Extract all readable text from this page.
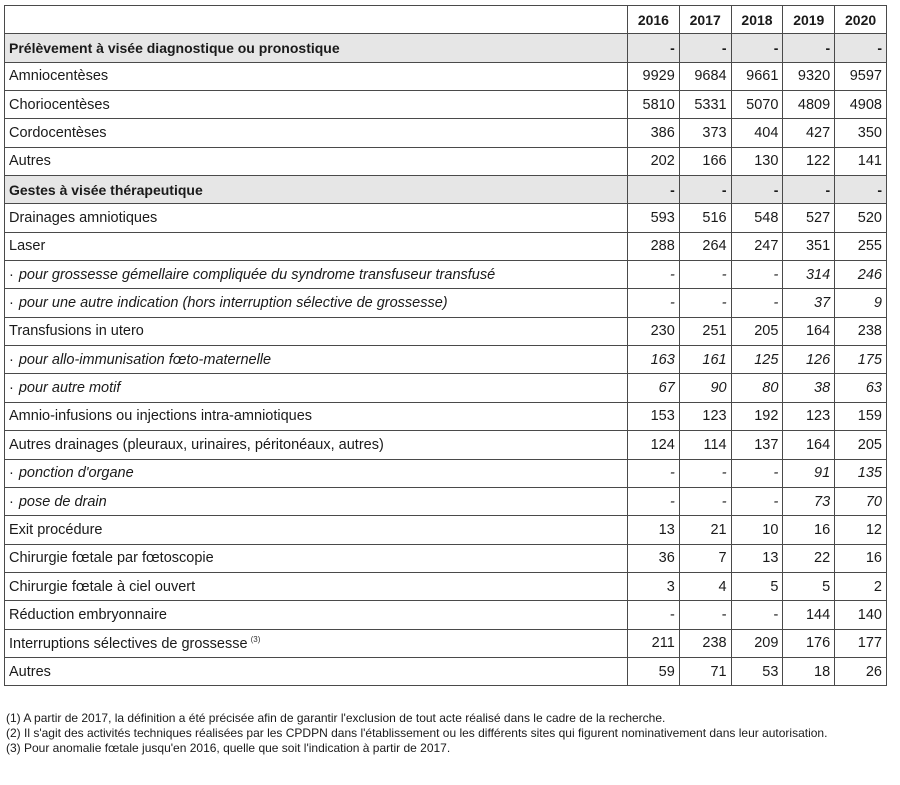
	2016	2017	2018	2019	2020
Prélèvement à visée diagnostique ou pronostique	-	-	-	-	-
Amniocentèses	9929	9684	9661	9320	9597
Choriocentèses	5810	5331	5070	4809	4908
Cordocentèses	386	373	404	427	350
Autres	202	166	130	122	141
Gestes à visée thérapeutique	-	-	-	-	-
Drainages amniotiques	593	516	548	527	520
Laser	288	264	247	351	255
· pour grossesse gémellaire compliquée du syndrome transfuseur transfusé	-	-	-	314	246
· pour une autre indication (hors interruption sélective de grossesse)	-	-	-	37	9
Transfusions in utero	230	251	205	164	238
· pour allo-immunisation fœto-maternelle	163	161	125	126	175
· pour autre motif	67	90	80	38	63
Amnio-infusions ou injections intra-amniotiques	153	123	192	123	159
Autres drainages (pleuraux, urinaires, péritonéaux, autres)	124	114	137	164	205
· ponction d'organe	-	-	-	91	135
· pose de drain	-	-	-	73	70
Exit procédure	13	21	10	16	12
Chirurgie fœtale par fœtoscopie	36	7	13	22	16
Chirurgie fœtale à ciel ouvert	3	4	5	5	2
Réduction embryonnaire	-	-	-	144	140
Interruptions sélectives de grossesse $^{(3)}$	211	238	209	176	177
Autres	59	71	53	18	26

(1) A partir de 2017, la définition a été précisée afin de garantir l'exclusion de tout acte réalisé dans le cadre de la recherche.

(2) Il s'agit des activités techniques réalisées par les CPDPN dans l'établissement ou les différents sites qui figurent nominativement dans leur autorisation.

(3) Pour anomalie fœtale jusqu'en 2016, quelle que soit l'indication à partir de 2017.
